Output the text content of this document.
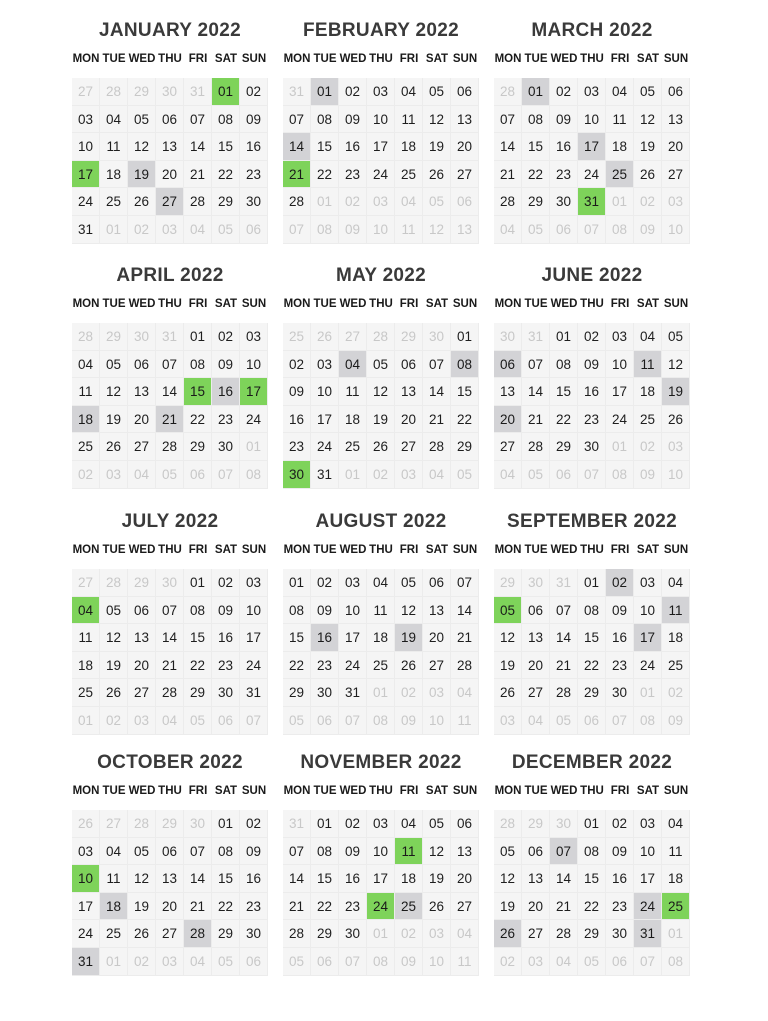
JANUARY 2022
MON TUE WED THU FRI SAT SUN
27 28 29 30 31 01 02
03 04 05 06 07 08 09
10 11 12 13 14 15 16
17 18 19 20 21 22 23
24 25 26 27 28 29 30
31 01 02 03 04 05 06
FEBRUARY 2022
MON TUE WED THU FRI SAT SUN
31 01 02 03 04 05 06
07 08 09 10 11 12 13
14 15 16 17 18 19 20
21 22 23 24 25 26 27
28 01 02 03 04 05 06
07 08 09 10 11 12 13
MARCH 2022
MON TUE WED THU FRI SAT SUN
28 01 02 03 04 05 06
07 08 09 10 11 12 13
14 15 16 17 18 19 20
21 22 23 24 25 26 27
28 29 30 31 01 02 03
04 05 06 07 08 09 10
APRIL 2022
MON TUE WED THU FRI SAT SUN
28 29 30 31 01 02 03
04 05 06 07 08 09 10
11 12 13 14 15 16 17
18 19 20 21 22 23 24
25 26 27 28 29 30 01
02 03 04 05 06 07 08
MAY 2022
MON TUE WED THU FRI SAT SUN
25 26 27 28 29 30 01
02 03 04 05 06 07 08
09 10 11 12 13 14 15
16 17 18 19 20 21 22
23 24 25 26 27 28 29
30 31 01 02 03 04 05
JUNE 2022
MON TUE WED THU FRI SAT SUN
30 31 01 02 03 04 05
06 07 08 09 10 11 12
13 14 15 16 17 18 19
20 21 22 23 24 25 26
27 28 29 30 01 02 03
04 05 06 07 08 09 10
JULY 2022
MON TUE WED THU FRI SAT SUN
27 28 29 30 01 02 03
04 05 06 07 08 09 10
11 12 13 14 15 16 17
18 19 20 21 22 23 24
25 26 27 28 29 30 31
01 02 03 04 05 06 07
AUGUST 2022
MON TUE WED THU FRI SAT SUN
01 02 03 04 05 06 07
08 09 10 11 12 13 14
15 16 17 18 19 20 21
22 23 24 25 26 27 28
29 30 31 01 02 03 04
05 06 07 08 09 10 11
SEPTEMBER 2022
MON TUE WED THU FRI SAT SUN
29 30 31 01 02 03 04
05 06 07 08 09 10 11
12 13 14 15 16 17 18
19 20 21 22 23 24 25
26 27 28 29 30 01 02
03 04 05 06 07 08 09
OCTOBER 2022
MON TUE WED THU FRI SAT SUN
26 27 28 29 30 01 02
03 04 05 06 07 08 09
10 11 12 13 14 15 16
17 18 19 20 21 22 23
24 25 26 27 28 29 30
31 01 02 03 04 05 06
NOVEMBER 2022
MON TUE WED THU FRI SAT SUN
31 01 02 03 04 05 06
07 08 09 10 11 12 13
14 15 16 17 18 19 20
21 22 23 24 25 26 27
28 29 30 01 02 03 04
05 06 07 08 09 10 11
DECEMBER 2022
MON TUE WED THU FRI SAT SUN
28 29 30 01 02 03 04
05 06 07 08 09 10 11
12 13 14 15 16 17 18
19 20 21 22 23 24 25
26 27 28 29 30 31 01
02 03 04 05 06 07 08
